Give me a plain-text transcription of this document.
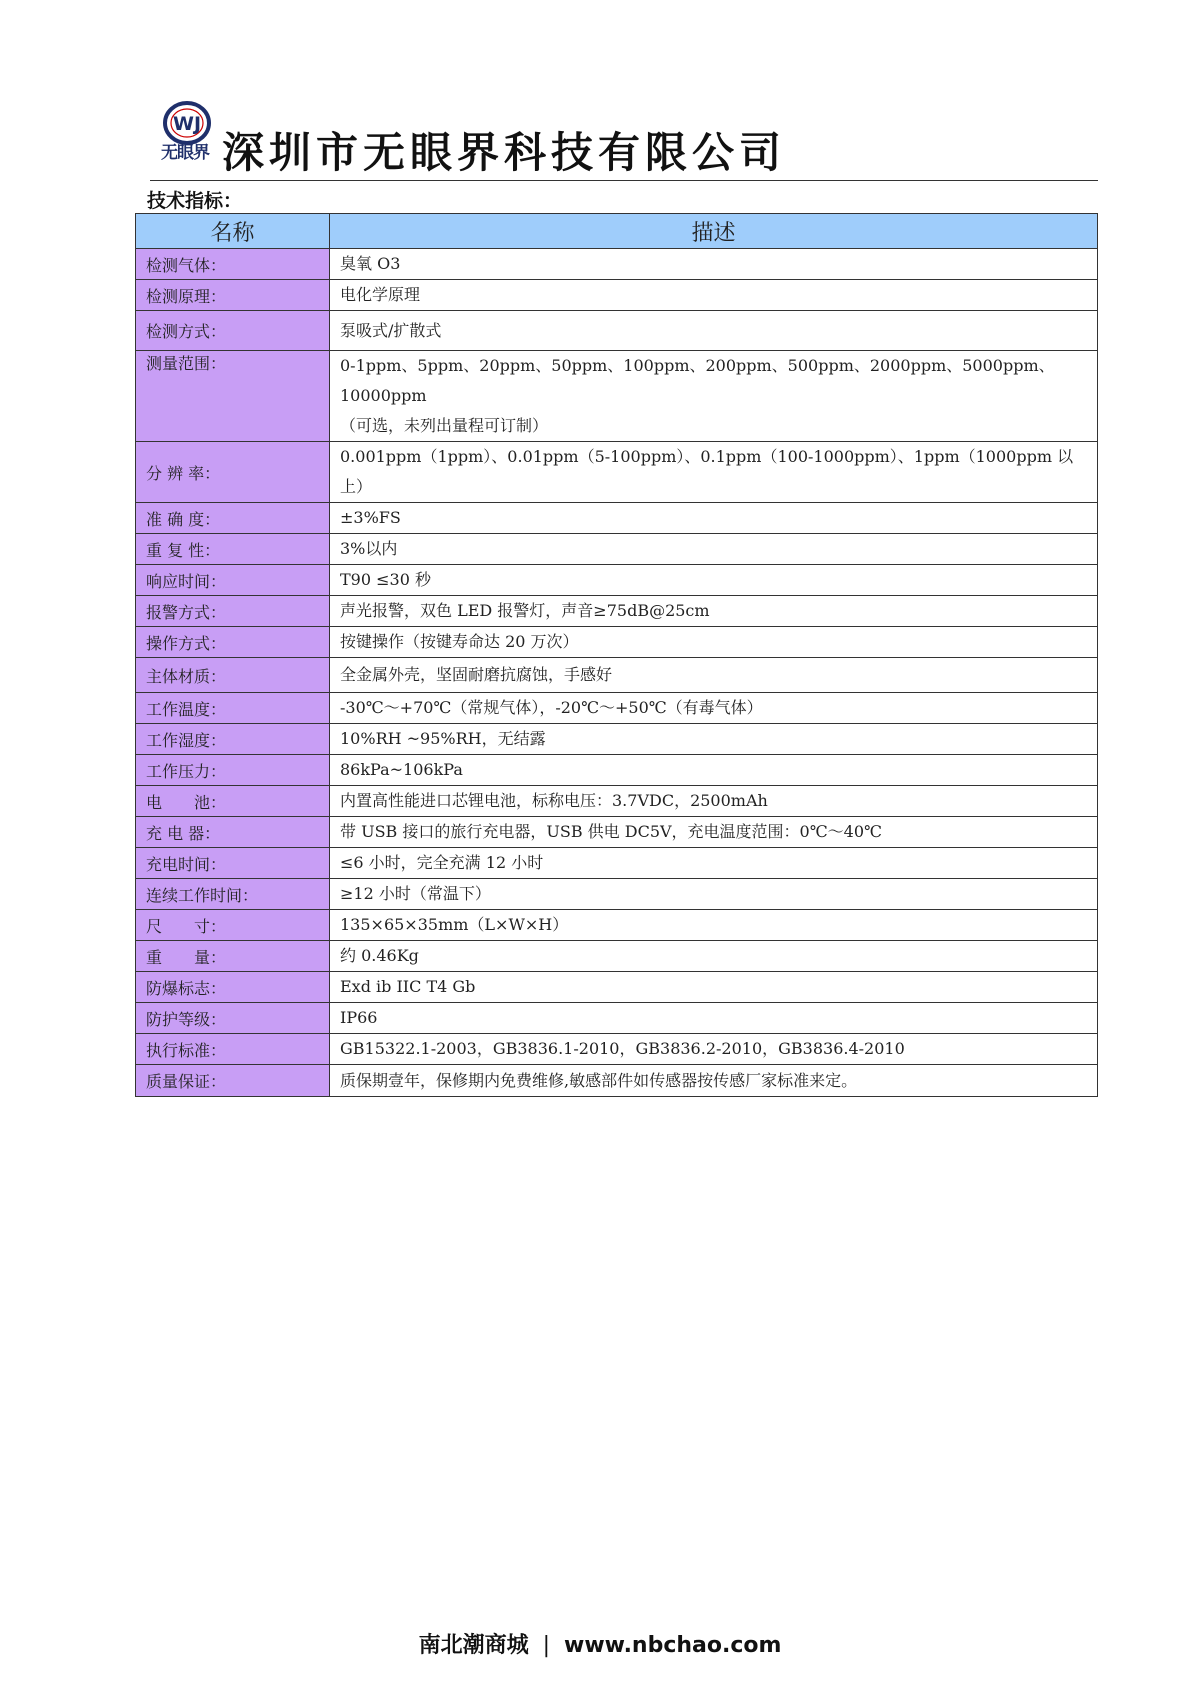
WJ
无眼界 深圳市无眼界科技有限公司
技术指标：
名称	描述
检测气体：	臭氧 O3
检测原理：	电化学原理
检测方式：	泵吸式/扩散式
测量范围：	0-1ppm、5ppm、20ppm、50ppm、100ppm、200ppm、500ppm、2000ppm、5000ppm、10000ppm
（可选，未列出量程可订制）

分 辨 率：	0.001ppm（1ppm）、0.01ppm（5-100ppm）、0.1ppm（100-1000ppm）、1ppm（1000ppm 以上）
准 确 度：	±3%FS
重 复 性：	3%以内
响应时间：	T90 ≤30 秒
报警方式：	声光报警，双色 LED 报警灯，声音≥75dB@25cm
操作方式：	按键操作（按键寿命达 20 万次）
主体材质：	全金属外壳，坚固耐磨抗腐蚀，手感好
工作温度：	-30℃～+70℃（常规气体），-20℃～+50℃（有毒气体）
工作湿度：	10%RH ~95%RH，无结露
工作压力：	86kPa~106kPa
电　　池：	内置高性能进口芯锂电池，标称电压：3.7VDC，2500mAh
充 电 器：	带 USB 接口的旅行充电器，USB 供电 DC5V，充电温度范围：0℃～40℃
充电时间：	≤6 小时，完全充满 12 小时
连续工作时间：	≥12 小时（常温下）
尺　　寸：	135×65×35mm（L×W×H）
重　　量：	约 0.46Kg
防爆标志：	Exd ib IIC T4 Gb
防护等级：	IP66
执行标准：	GB15322.1-2003，GB3836.1-2010，GB3836.2-2010，GB3836.4-2010
质量保证：	质保期壹年，保修期内免费维修,敏感部件如传感器按传感厂家标准来定。
南北潮商城 | www.nbchao.com
